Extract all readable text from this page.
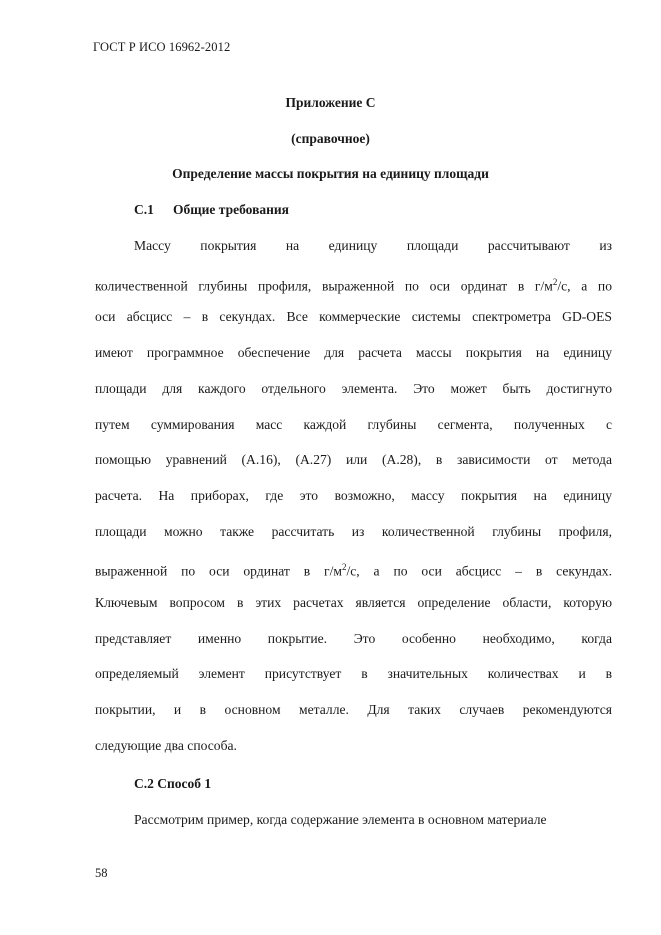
ГОСТ Р ИСО 16962-2012
Приложение С
(справочное)
Определение массы покрытия на единицу площади
С.1 Общие требования
Массу покрытия на единицу площади рассчитывают из
количественной глубины профиля, выраженной по оси ординат в $г/м^2/с$, а по
оси абсцисс – в секундах. Все коммерческие системы спектрометра GD-OES
имеют программное обеспечение для расчета массы покрытия на единицу
площади для каждого отдельного элемента. Это может быть достигнуто
путем суммирования масс каждой глубины сегмента, полученных с
помощью уравнений (А.16), (А.27) или (А.28), в зависимости от метода
расчета. На приборах, где это возможно, массу покрытия на единицу
площади можно также рассчитать из количественной глубины профиля,
выраженной по оси ординат в $г/м^2/с$, а по оси абсцисс – в секундах.
Ключевым вопросом в этих расчетах является определение области, которую
представляет именно покрытие. Это особенно необходимо, когда
определяемый элемент присутствует в значительных количествах и в
покрытии, и в основном металле. Для таких случаев рекомендуются
следующие два способа.
С.2 Способ 1
Рассмотрим пример, когда содержание элемента в основном материале
58
